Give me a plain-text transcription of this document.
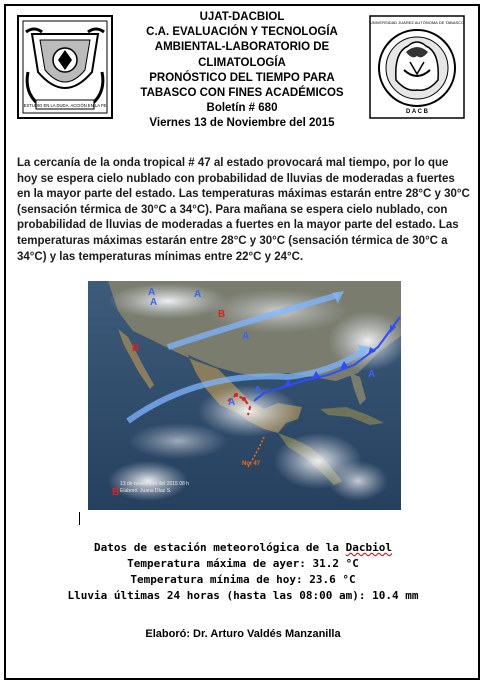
ESTUDIO EN LA DUDA. ACCIÓN EN LA FE
UNIVERSIDAD JUÁREZ AUTÓNOMA DE TABASCO
D A C B
UJAT-DACBIOL
C.A. EVALUACIÓN Y TECNOLOGÍA
AMBIENTAL-LABORATORIO DE
CLIMATOLOGÍA
PRONÓSTICO DEL TIEMPO PARA
TABASCO CON FINES ACADÉMICOS
Boletín # 680
Viernes 13 de Noviembre del 2015

La cercanía de la onda tropical # 47 al estado provocará mal tiempo, por lo que

hoy se espera cielo nublado con probabilidad de lluvias de moderadas a fuertes

en la mayor parte del estado. Las temperaturas máximas estarán entre 28°C y 30°C

(sensación térmica de 30°C a 34°C). Para mañana se espera cielo nublado, con

probabilidad de lluvias de moderadas a fuertes en la mayor parte del estado. Las

temperaturas máximas estarán entre 28°C y 30°C (sensación térmica de 30°C a

34°C) y las temperaturas mínimas entre 22°C y 24°C.

A	A
A
A
B
B
A
A
A
B
No. 47
13 de noviembre del 2015 08 h
Elaboró: Juana Díaz S.
Datos de estación meteorológica de la Dacbiol
Temperatura máxima de ayer: 31.2 °C
Temperatura mínima de hoy: 23.6 °C
Lluvia últimas 24 horas (hasta las 08:00 am): 10.4 mm
Elaboró: Dr. Arturo Valdés Manzanilla
